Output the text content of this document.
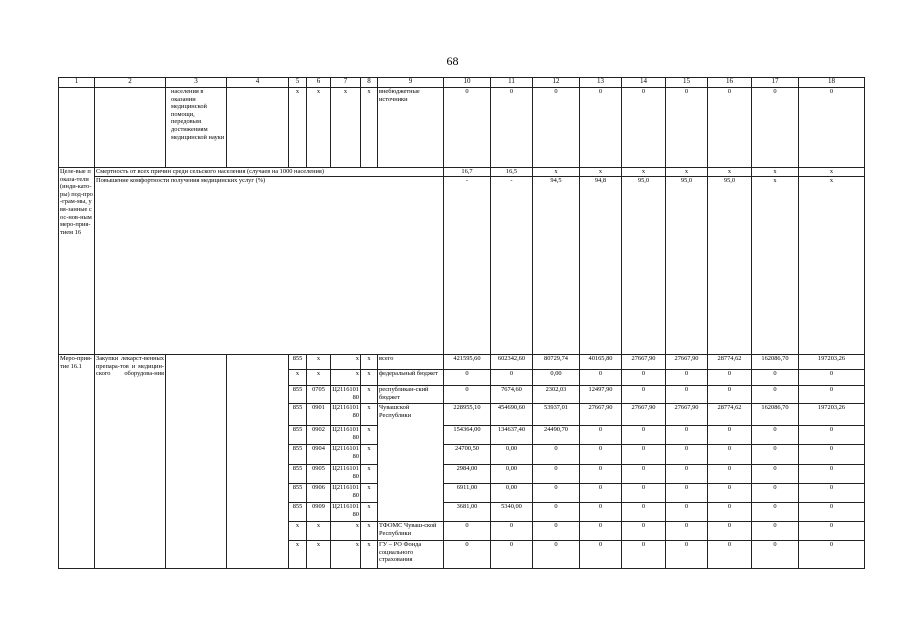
68
1	2	3	4	5	6	7	8	9	10	11	12	13	14	15	16	17	18
		населения в оказании медицинской помощи, передовым достижениям медицинской науки		x	x	x	x	внебюджетные источники	0	0	0	0	0	0	0	0	0
Целе-вые показа-тели (инди-като-ры) под-про-грам-мы, увя-занные с ос-нов-ным меро-прия-тием 16	Смертность от всех причин среди сельского населения (случаев на 1000 населения)								16,7	16,5	x	x	x	x	x	x	x
	Повышение комфортности получения медицинских услуг (%)								-	-	94,5	94,8	95,0	95,0	95,0	x	x
Меро-прия-тие 16.1	Закупки лекарст-венных препара-тов и медицин-ского оборудова-ния			855	x	x	x	всего	421595,60	602342,60	80729,74	40165,80	27667,90	27667,90	28774,62	162086,70	197203,26
				x	x	x	x	федеральный бюджет	0	0	0,00	0	0	0	0	0	0
				855	0705	Ц2116101 80	x	республикан-ский бюджет	0	7674,60	2302,03	12497,90	0	0	0	0	0
				855	0901	Ц2116101 80	x	Чувашской Республики	228955,10	454690,60	53937,01	27667,90	27667,90	27667,90	28774,62	162086,70	197203,26
				855	0902	Ц2116101 80	x		154364,00	134637,40	24490,70	0	0	0	0	0	0
				855	0904	Ц2116101 80	x		24700,50	0,00	0	0	0	0	0	0	0
				855	0905	Ц2116101 80	x		2984,00	0,00	0	0	0	0	0	0	0
				855	0906	Ц2116101 80	x		6911,00	0,00	0	0	0	0	0	0	0
				855	0909	Ц2116101 80	x		3681,00	5340,00	0	0	0	0	0	0	0
				x	x	x	x	ТФОМС Чуваш-ской Республики	0	0	0	0	0	0	0	0	0
				x	x	x	x	ГУ – РО Фонда социального страхования	0	0	0	0	0	0	0	0	0
